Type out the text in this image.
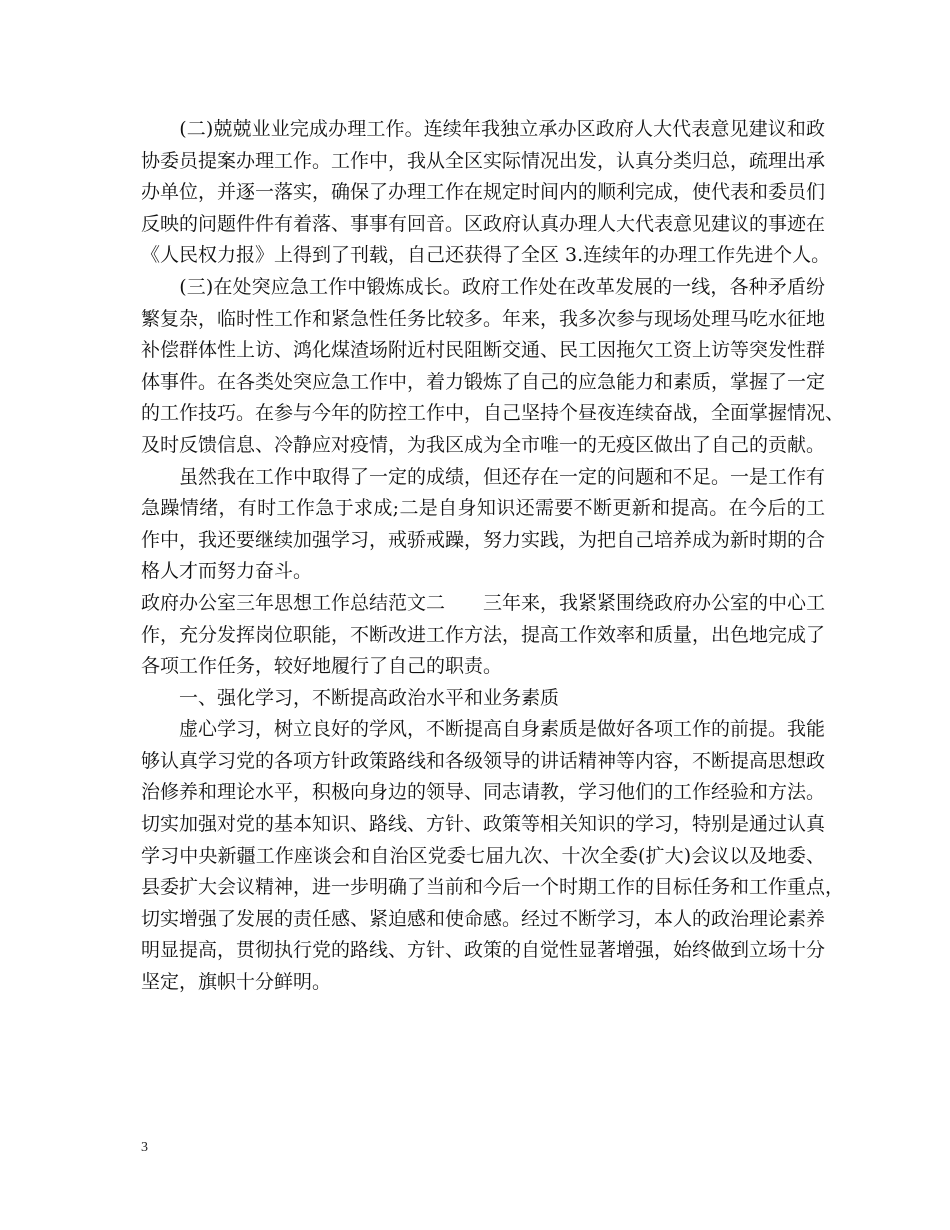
　　(二)兢兢业业完成办理工作。连续年我独立承办区政府人大代表意见建议和政
协委员提案办理工作。工作中，我从全区实际情况出发，认真分类归总，疏理出承
办单位，并逐一落实，确保了办理工作在规定时间内的顺利完成，使代表和委员们
反映的问题件件有着落、事事有回音。区政府认真办理人大代表意见建议的事迹在
《人民权力报》上得到了刊载，自己还获得了全区 3.连续年的办理工作先进个人。
　　(三)在处突应急工作中锻炼成长。政府工作处在改革发展的一线，各种矛盾纷
繁复杂，临时性工作和紧急性任务比较多。年来，我多次参与现场处理马吃水征地
补偿群体性上访、鸿化煤渣场附近村民阻断交通、民工因拖欠工资上访等突发性群
体事件。在各类处突应急工作中，着力锻炼了自己的应急能力和素质，掌握了一定
的工作技巧。在参与今年的防控工作中，自己坚持个昼夜连续奋战，全面掌握情况、
及时反馈信息、冷静应对疫情，为我区成为全市唯一的无疫区做出了自己的贡献。
　　虽然我在工作中取得了一定的成绩，但还存在一定的问题和不足。一是工作有
急躁情绪，有时工作急于求成;二是自身知识还需要不断更新和提高。在今后的工
作中，我还要继续加强学习，戒骄戒躁，努力实践，为把自己培养成为新时期的合
格人才而努力奋斗。
政府办公室三年思想工作总结范文二　　三年来，我紧紧围绕政府办公室的中心工
作，充分发挥岗位职能，不断改进工作方法，提高工作效率和质量，出色地完成了
各项工作任务，较好地履行了自己的职责。
　　一、强化学习，不断提高政治水平和业务素质
　　虚心学习，树立良好的学风，不断提高自身素质是做好各项工作的前提。我能
够认真学习党的各项方针政策路线和各级领导的讲话精神等内容，不断提高思想政
治修养和理论水平，积极向身边的领导、同志请教，学习他们的工作经验和方法。
切实加强对党的基本知识、路线、方针、政策等相关知识的学习，特别是通过认真
学习中央新疆工作座谈会和自治区党委七届九次、十次全委(扩大)会议以及地委、
县委扩大会议精神，进一步明确了当前和今后一个时期工作的目标任务和工作重点，
切实增强了发展的责任感、紧迫感和使命感。经过不断学习，本人的政治理论素养
明显提高，贯彻执行党的路线、方针、政策的自觉性显著增强，始终做到立场十分
坚定，旗帜十分鲜明。
3
